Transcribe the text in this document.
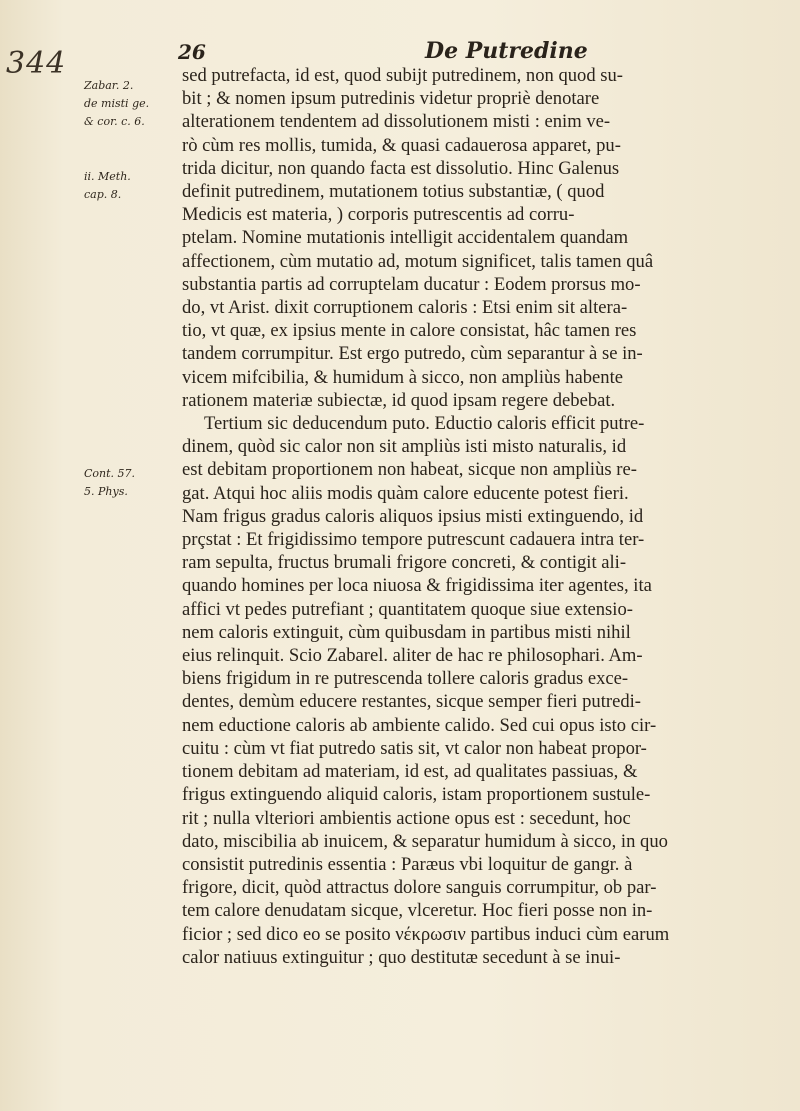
344	26	De Putredine
Zabar. 2.
de misti ge.
& cor. c. 6.
ii. Meth.
cap. 8.
Cont. 57.
5. Phys.
sed putrefacta, id est, quod subijt putredinem, non quod su-
bit ; & nomen ipsum putredinis videtur propriè denotare
alterationem tendentem ad dissolutionem misti : enim ve-
rò cùm res mollis, tumida, & quasi cadauerosa apparet, pu-
trida dicitur, non quando facta est dissolutio. Hinc Galenus
definit putredinem, mutationem totius substantiæ, ( quod
Medicis est materia, ) corporis putrescentis ad corru-
ptelam. Nomine mutationis intelligit accidentalem quandam
affectionem, cùm mutatio ad, motum significet, talis tamen quâ
substantia partis ad corruptelam ducatur : Eodem prorsus mo-
do, vt Arist. dixit corruptionem caloris : Etsi enim sit altera-
tio, vt quæ, ex ipsius mente in calore consistat, hâc tamen res
tandem corrumpitur. Est ergo putredo, cùm separantur à se in-
vicem mifcibilia, & humidum à sicco, non ampliùs habente
rationem materiæ subiectæ, id quod ipsam regere debebat.
Tertium sic deducendum puto. Eductio caloris efficit putre-
dinem, quòd sic calor non sit ampliùs isti misto naturalis, id
est debitam proportionem non habeat, sicque non ampliùs re-
gat. Atqui hoc aliis modis quàm calore educente potest fieri.
Nam frigus gradus caloris aliquos ipsius misti extinguendo, id
prçstat : Et frigidissimo tempore putrescunt cadauera intra ter-
ram sepulta, fructus brumali frigore concreti, & contigit ali-
quando homines per loca niuosa & frigidissima iter agentes, ita
affici vt pedes putrefiant ; quantitatem quoque siue extensio-
nem caloris extinguit, cùm quibusdam in partibus misti nihil
eius relinquit. Scio Zabarel. aliter de hac re philosophari. Am-
biens frigidum in re putrescenda tollere caloris gradus exce-
dentes, demùm educere restantes, sicque semper fieri putredi-
nem eductione caloris ab ambiente calido. Sed cui opus isto cir-
cuitu : cùm vt fiat putredo satis sit, vt calor non habeat propor-
tionem debitam ad materiam, id est, ad qualitates passiuas, &
frigus extinguendo aliquid caloris, istam proportionem sustule-
rit ; nulla vlteriori ambientis actione opus est : secedunt, hoc
dato, miscibilia ab inuicem, & separatur humidum à sicco, in quo
consistit putredinis essentia : Paræus vbi loquitur de gangr. à
frigore, dicit, quòd attractus dolore sanguis corrumpitur, ob par-
tem calore denudatam sicque, vlceretur. Hoc fieri posse non in-
ficior ; sed dico eo se posito νέκρωσιν partibus induci cùm earum
calor natiuus extinguitur ; quo destitutæ secedunt à se inui-
